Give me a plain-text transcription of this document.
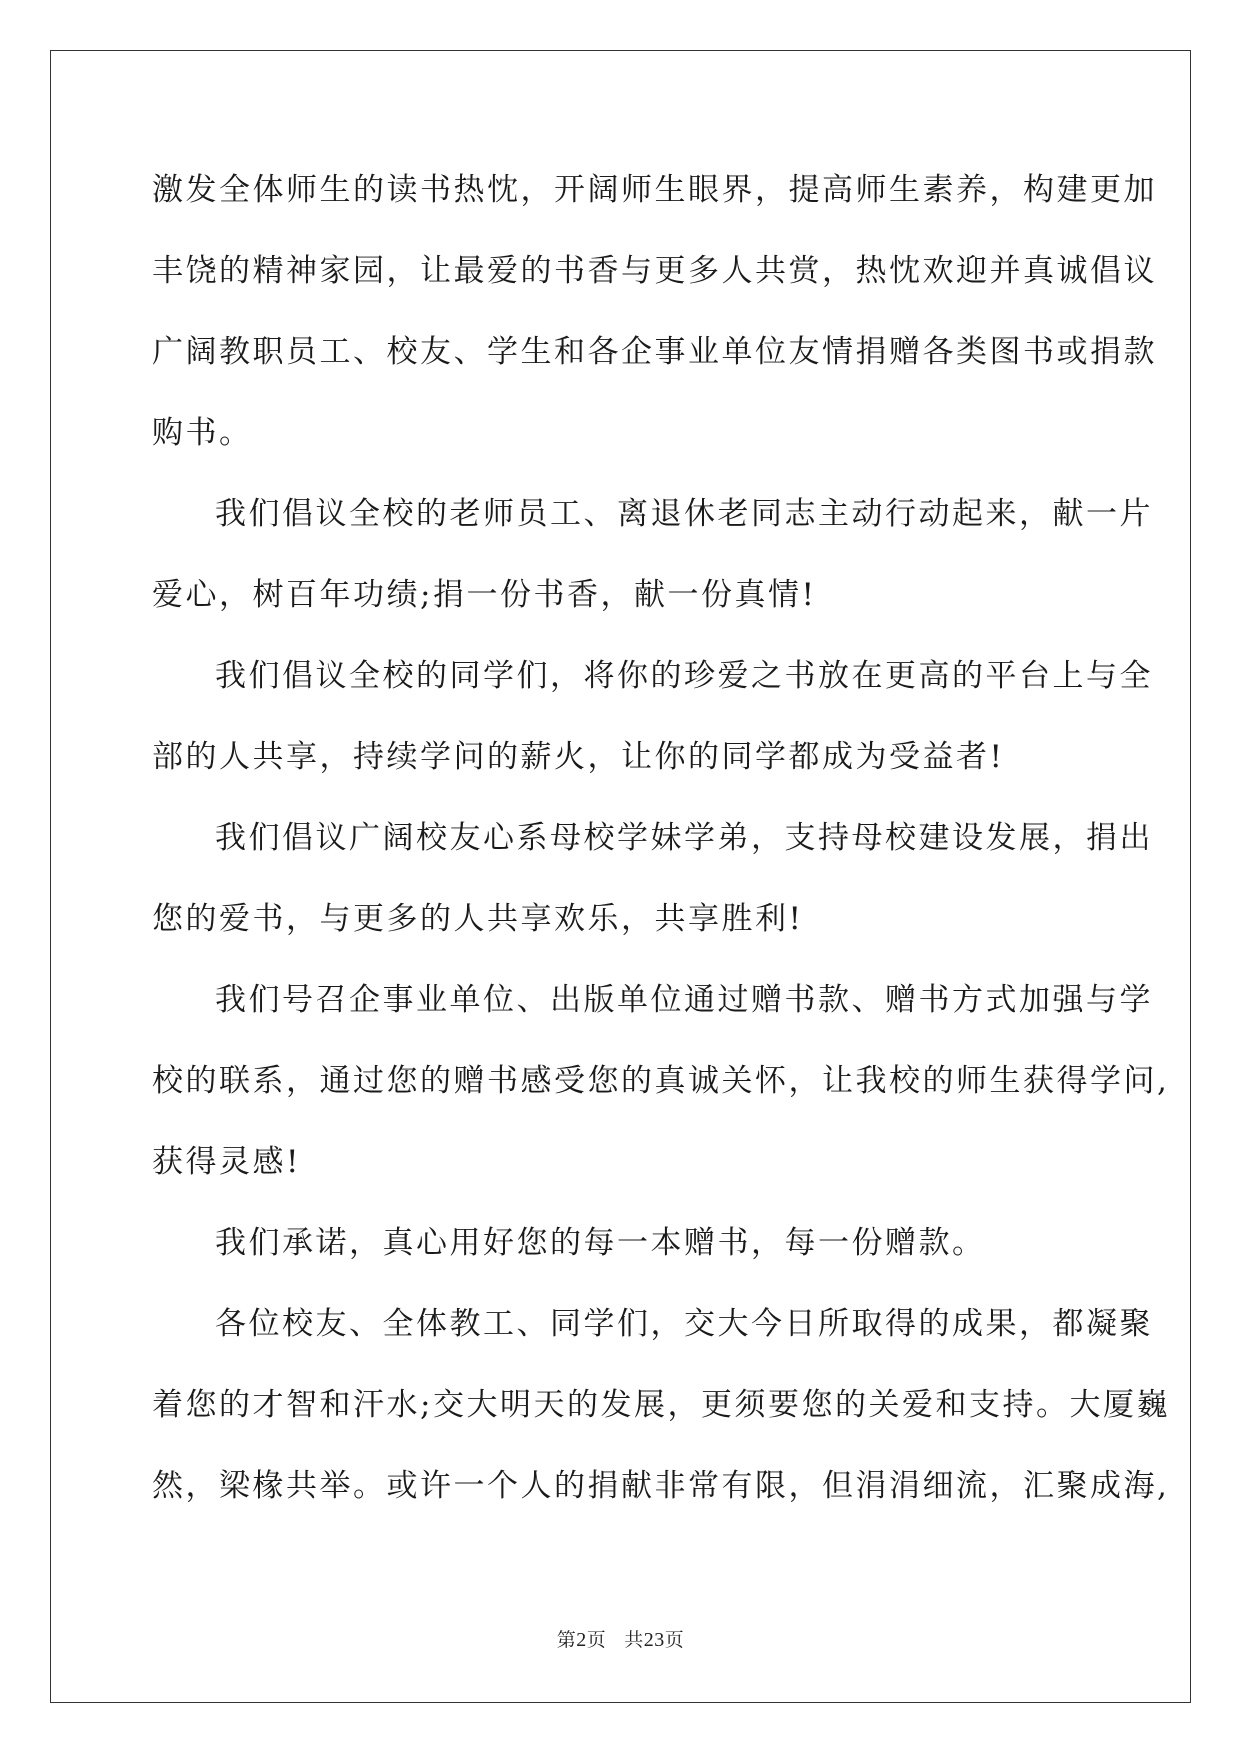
激发全体师生的读书热忱，开阔师生眼界，提高师生素养，构建更加
丰饶的精神家园，让最爱的书香与更多人共赏，热忱欢迎并真诚倡议
广阔教职员工、校友、学生和各企事业单位友情捐赠各类图书或捐款
购书。
我们倡议全校的老师员工、离退休老同志主动行动起来，献一片
爱心，树百年功绩;捐一份书香，献一份真情!
我们倡议全校的同学们，将你的珍爱之书放在更高的平台上与全
部的人共享，持续学问的薪火，让你的同学都成为受益者!
我们倡议广阔校友心系母校学妹学弟，支持母校建设发展，捐出
您的爱书，与更多的人共享欢乐，共享胜利!
我们号召企事业单位、出版单位通过赠书款、赠书方式加强与学
校的联系，通过您的赠书感受您的真诚关怀，让我校的师生获得学问,
获得灵感!
我们承诺，真心用好您的每一本赠书，每一份赠款。
各位校友、全体教工、同学们，交大今日所取得的成果，都凝聚
着您的才智和汗水;交大明天的发展，更须要您的关爱和支持。大厦巍
然，梁椽共举。或许一个人的捐献非常有限，但涓涓细流，汇聚成海,
第2页 共23页
